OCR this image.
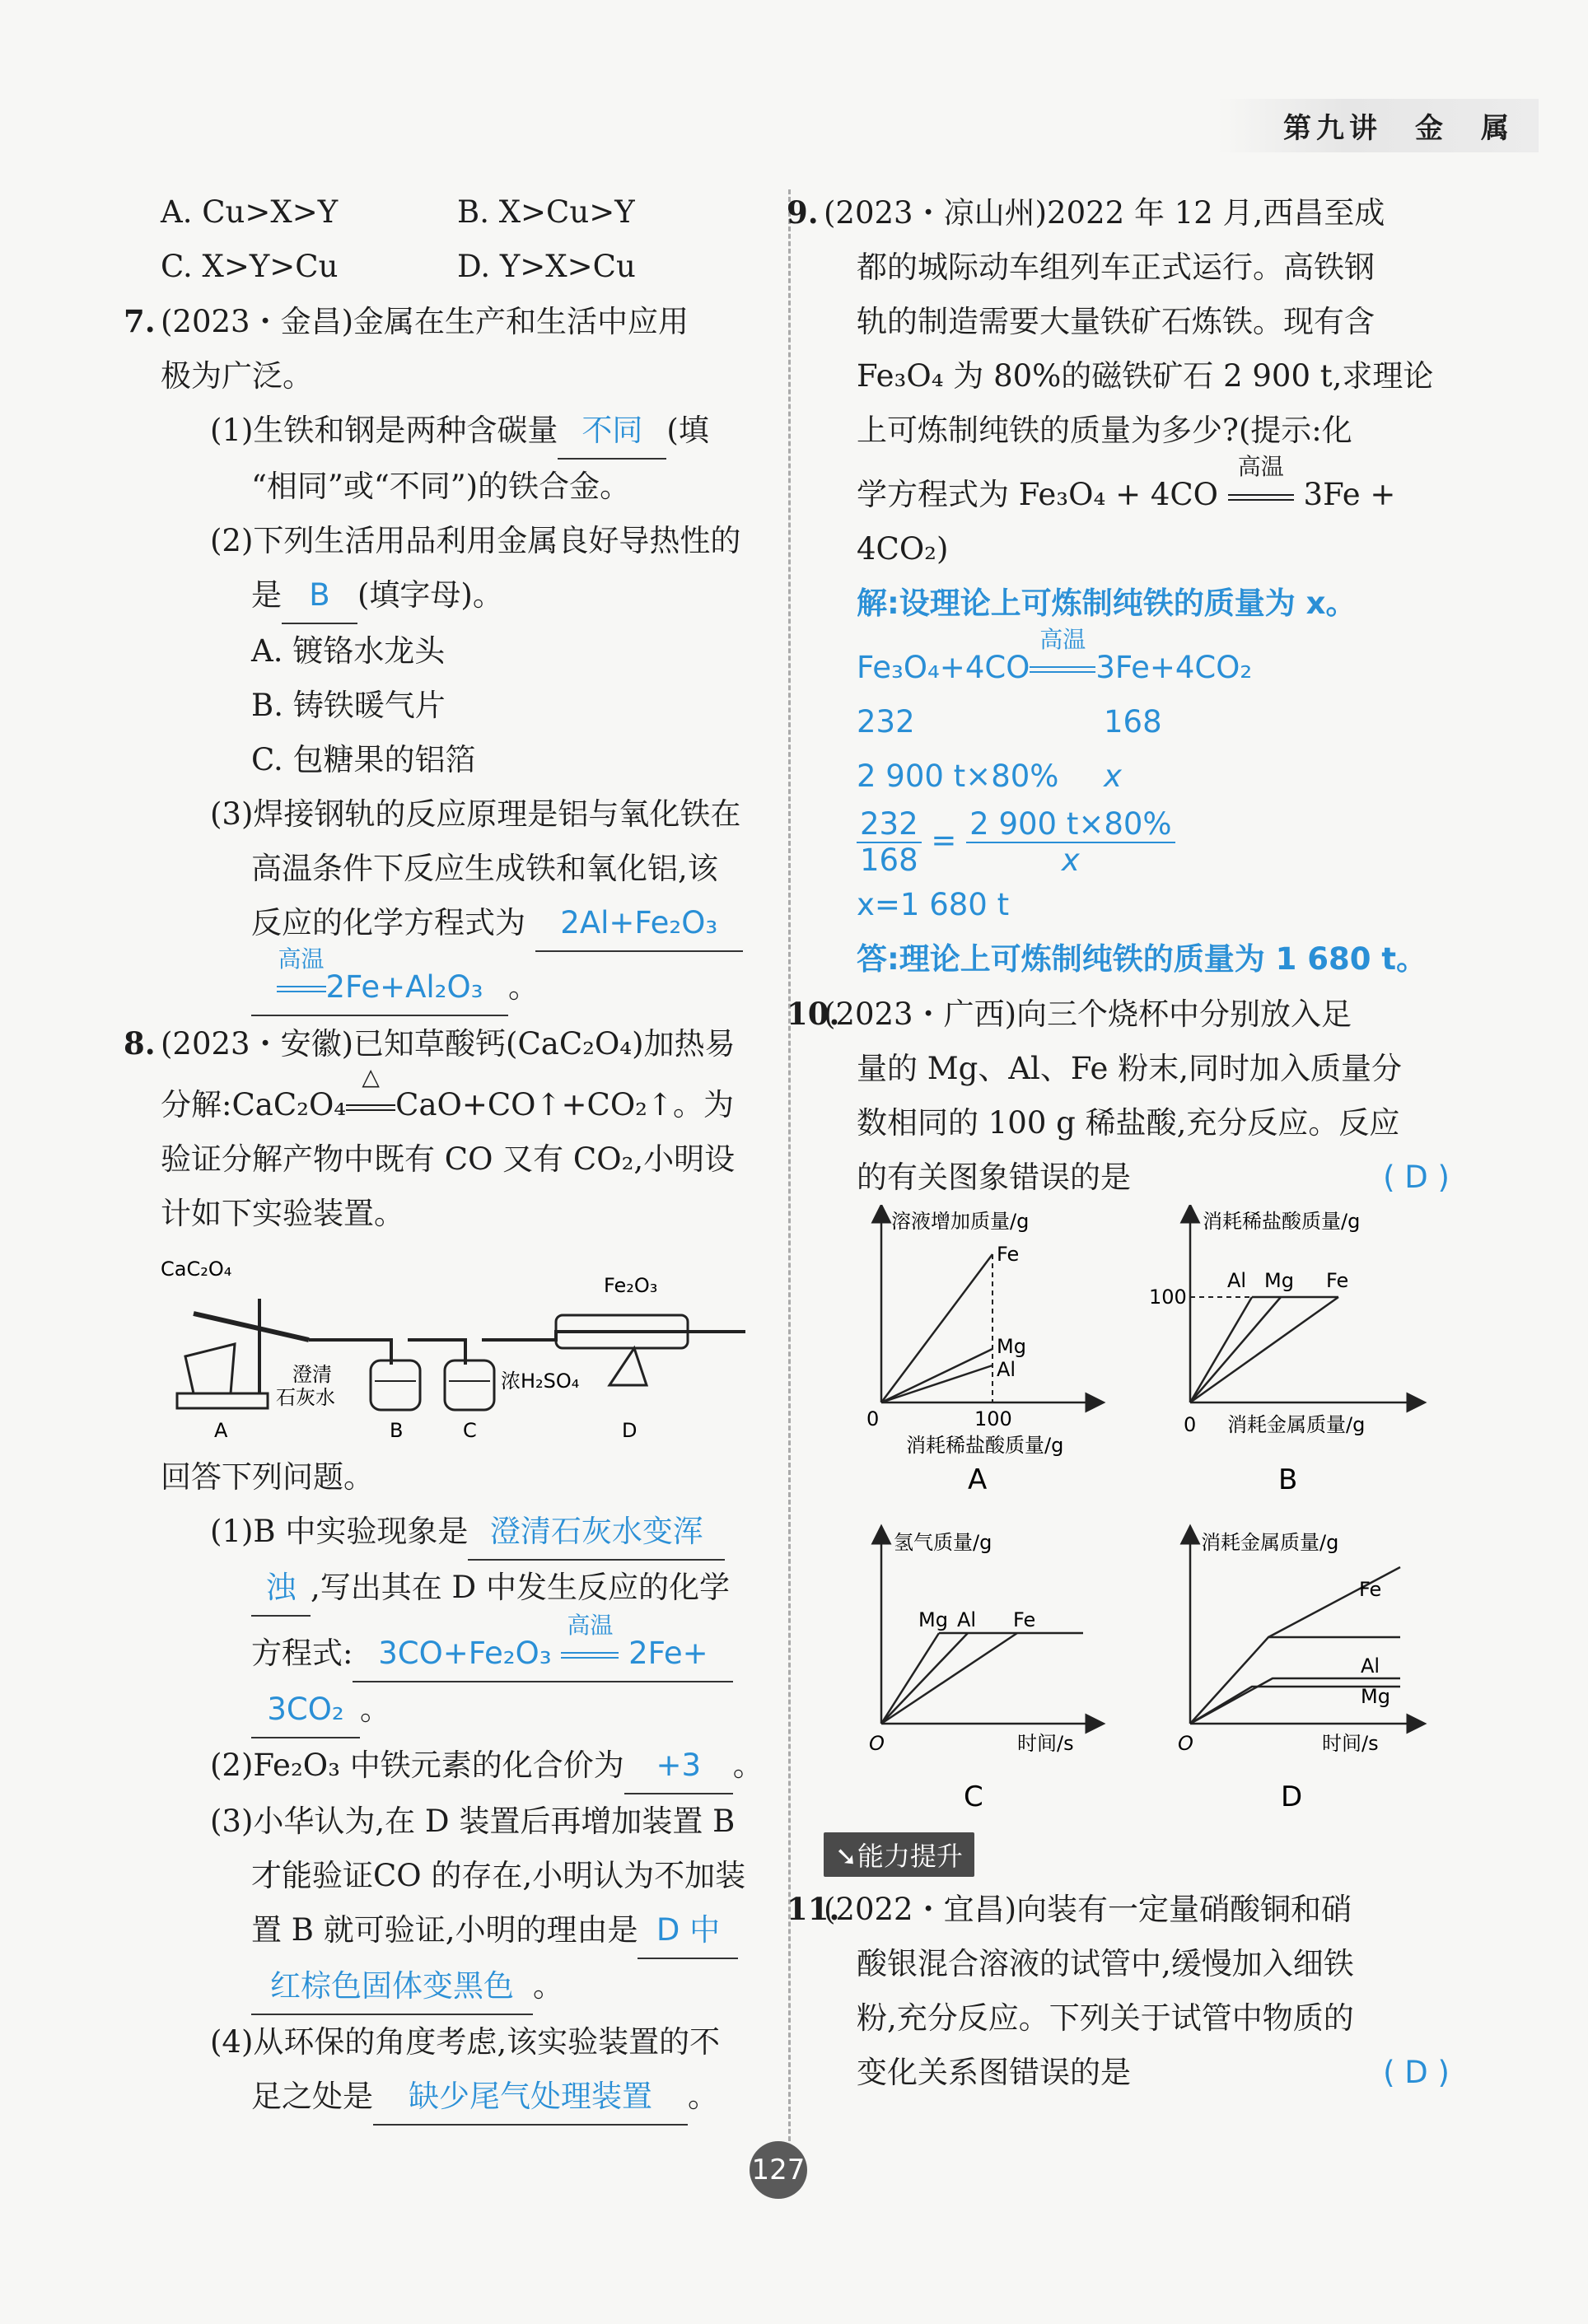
第九讲　金　属
A. Cu>X>Y	B. X>Cu>Y
C. X>Y>Cu	D. Y>X>Cu
7. (2023・金昌)金属在生产和生活中应用
极为广泛。
(1)生铁和钢是两种含碳量 不同 (填
“相同”或“不同”)的铁合金。
(2)下列生活用品利用金属良好导热性的
是 B (填字母)。
A. 镀铬水龙头
B. 铸铁暖气片
C. 包糖果的铝箔
(3)焊接钢轨的反应原理是铝与氧化铁在
高温条件下反应生成铁和氧化铝,该
反应的化学方程式为 2Al+Fe₂O₃
高温
2Fe+Al₂O₃ 。
8. (2023・安徽)已知草酸钙(CaC₂O₄)加热易
分解:CaC₂O₄
△
CaO+CO↑+CO₂↑。为
验证分解产物中既有 CO 又有 CO₂,小明设
计如下实验装置。
CaC₂O₄
Fe₂O₃
澄清
石灰水
浓H₂SO₄
A	B	C	D
回答下列问题。
(1)B 中实验现象是 澄清石灰水变浑
浊 ,写出其在 D 中发生反应的化学
方程式: 3CO+Fe₂O₃
高温
2Fe+
3CO₂ 。
(2)Fe₂O₃ 中铁元素的化合价为 +3 。
(3)小华认为,在 D 装置后再增加装置 B
才能验证CO 的存在,小明认为不加装
置 B 就可验证,小明的理由是 D 中
红棕色固体变黑色 。
(4)从环保的角度考虑,该实验装置的不
足之处是 缺少尾气处理装置 。
9. (2023・凉山州)2022 年 12 月,西昌至成
都的城际动车组列车正式运行。高铁钢
轨的制造需要大量铁矿石炼铁。现有含
Fe₃O₄ 为 80%的磁铁矿石 2 900 t,求理论
上可炼制纯铁的质量为多少?(提示:化
学方程式为 Fe₃O₄ + 4CO
高温
3Fe +
4CO₂)
解:设理论上可炼制纯铁的质量为 x。
Fe₃O₄+4CO
高温
3Fe+4CO₂
232	168
2 900 t×80% x
$\frac{232}{168} = \frac{2 900 t\times 80\%}{x}$
x=1 680 t
答:理论上可炼制纯铁的质量为 1 680 t。
10.(2023・广西)向三个烧杯中分别放入足
量的 Mg、Al、Fe 粉末,同时加入质量分
数相同的 100 g 稀盐酸,充分反应。反应
的有关图象错误的是	( D )
溶液增加质量/g
Fe
Mg
Al
0	100
消耗稀盐酸质量/g
A
消耗稀盐酸质量/g
100
Al Mg Fe
0 消耗金属质量/g
B
氢气质量/g
Mg Al Fe
O	时间/s
C
消耗金属质量/g
Fe
Al
Mg
O	时间/s
D
➘能力提升
11.(2022・宜昌)向装有一定量硝酸铜和硝
酸银混合溶液的试管中,缓慢加入细铁
粉,充分反应。下列关于试管中物质的
变化关系图错误的是	( D )
127
